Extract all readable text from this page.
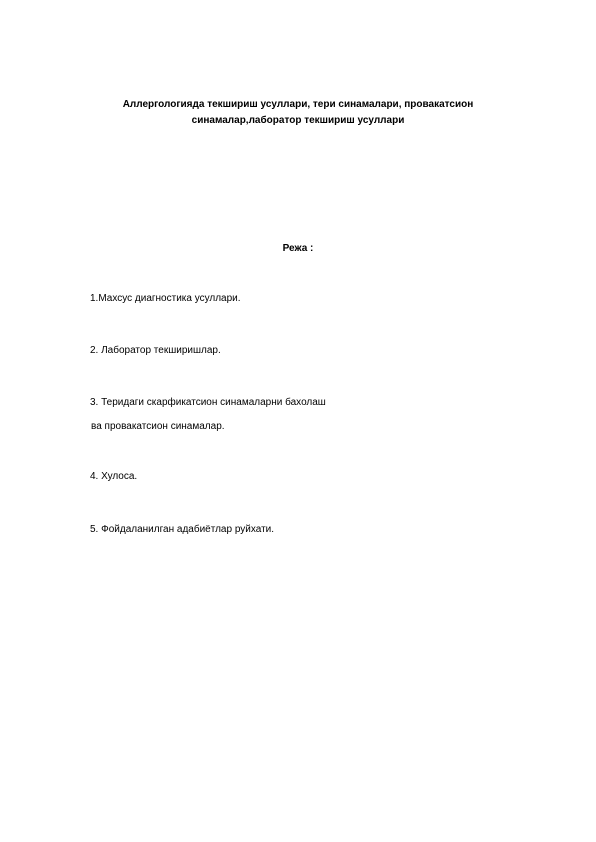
Аллергологияда текшириш усуллари, тери синамалари, провакатсион
синамалар,лаборатор текшириш усуллари
Режа :
1.Махсус диагностика усуллари.
2. Лаборатор текширишлар.
3. Теридаги скарфикатсион синамаларни бахолаш
ва провакатсион синамалар.
4. Хулоса.
5. Фойдаланилган адабиётлар руйхати.
